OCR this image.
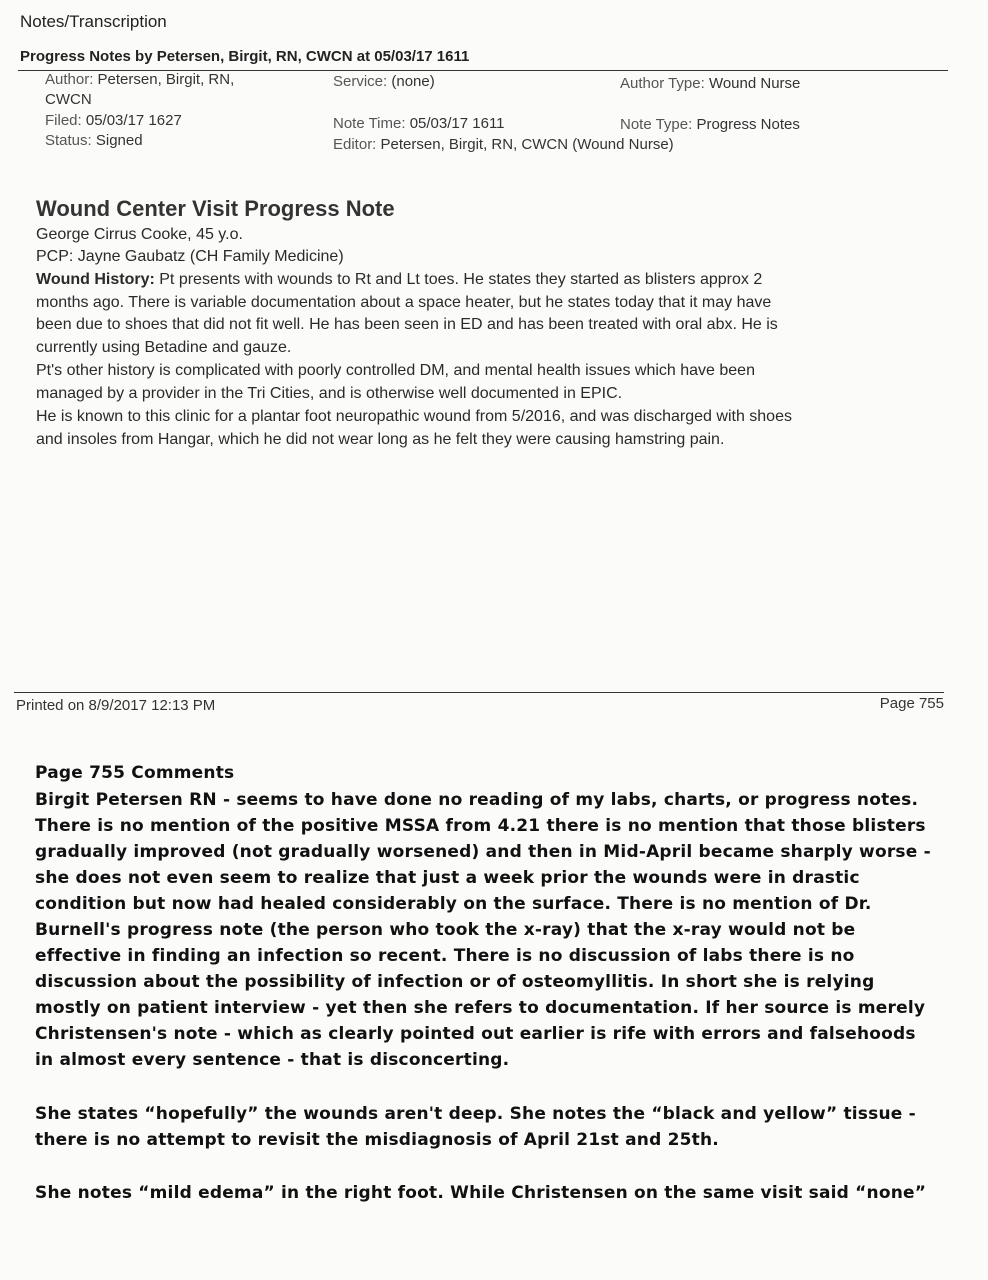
Notes/Transcription
Progress Notes by Petersen, Birgit, RN, CWCN at 05/03/17 1611
Author: Petersen, Birgit, RN,
CWCN
Service: (none)	Author Type: Wound Nurse
Filed: 05/03/17 1627	Note Time: 05/03/17 1611	Note Type: Progress Notes
Status: Signed	Editor: Petersen, Birgit, RN, CWCN (Wound Nurse)
Wound Center Visit Progress Note
George Cirrus Cooke, 45 y.o.
PCP: Jayne Gaubatz (CH Family Medicine)
Wound History: Pt presents with wounds to Rt and Lt toes. He states they started as blisters approx 2
months ago. There is variable documentation about a space heater, but he states today that it may have
been due to shoes that did not fit well. He has been seen in ED and has been treated with oral abx. He is
currently using Betadine and gauze.
Pt's other history is complicated with poorly controlled DM, and mental health issues which have been
managed by a provider in the Tri Cities, and is otherwise well documented in EPIC.
He is known to this clinic for a plantar foot neuropathic wound from 5/2016, and was discharged with shoes
and insoles from Hangar, which he did not wear long as he felt they were causing hamstring pain.
Printed on 8/9/2017 12:13 PM	Page 755
Page 755 Comments
Birgit Petersen RN - seems to have done no reading of my labs, charts, or progress notes.
There is no mention of the positive MSSA from 4.21 there is no mention that those blisters
gradually improved (not gradually worsened) and then in Mid-April became sharply worse -
she does not even seem to realize that just a week prior the wounds were in drastic
condition but now had healed considerably on the surface. There is no mention of Dr.
Burnell's progress note (the person who took the x-ray) that the x-ray would not be
effective in finding an infection so recent. There is no discussion of labs there is no
discussion about the possibility of infection or of osteomyllitis. In short she is relying
mostly on patient interview - yet then she refers to documentation. If her source is merely
Christensen's note - which as clearly pointed out earlier is rife with errors and falsehoods
in almost every sentence - that is disconcerting.
She states “hopefully” the wounds aren't deep. She notes the “black and yellow” tissue -
there is no attempt to revisit the misdiagnosis of April 21st and 25th.
She notes “mild edema” in the right foot. While Christensen on the same visit said “none”
